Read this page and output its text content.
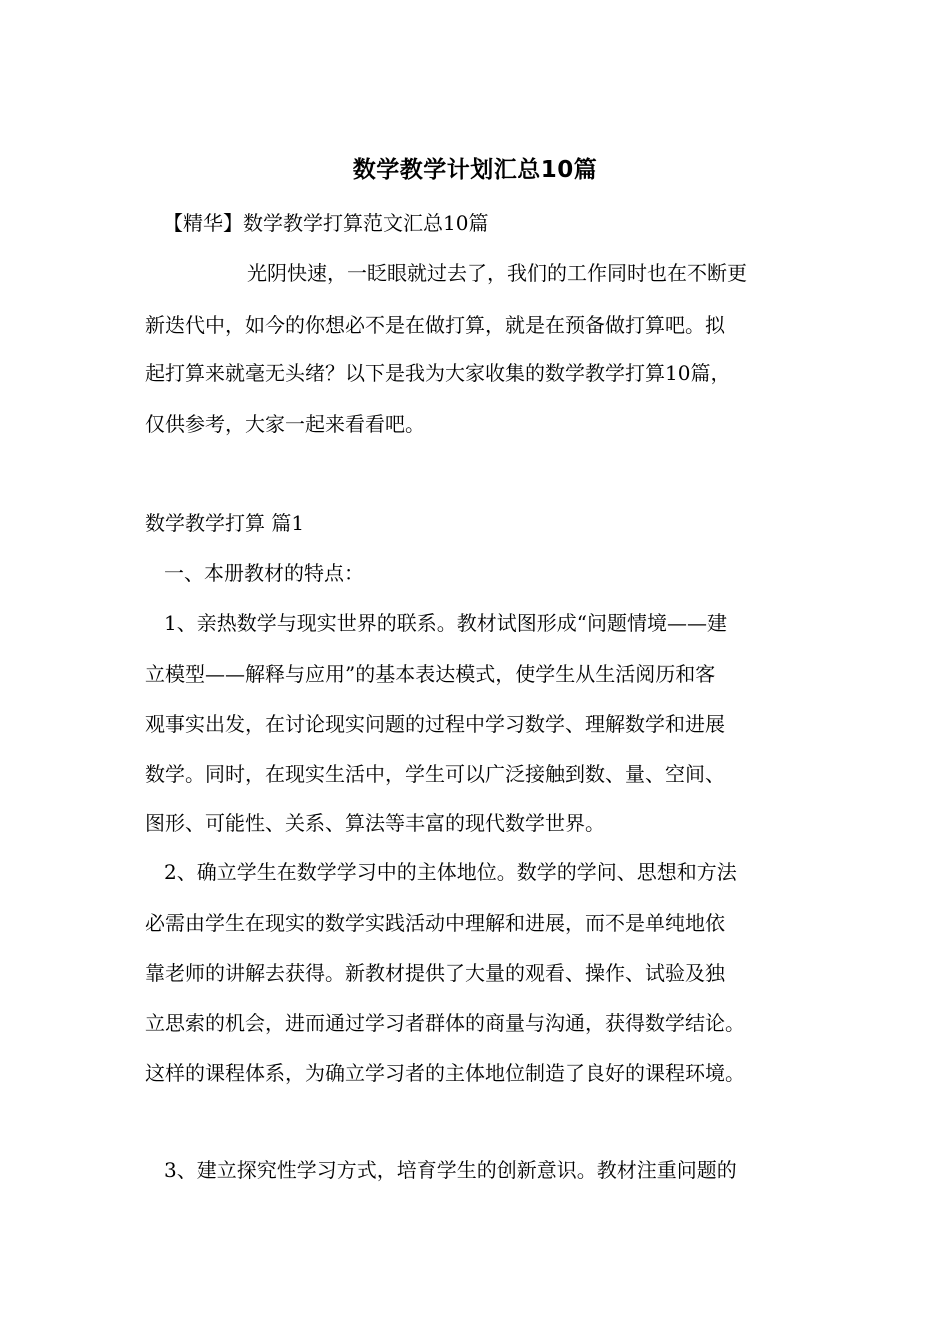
数学教学计划汇总10篇
【精华】数学教学打算范文汇总10篇
光阴快速，一眨眼就过去了，我们的工作同时也在不断更
新迭代中，如今的你想必不是在做打算，就是在预备做打算吧。拟
起打算来就毫无头绪？以下是我为大家收集的数学教学打算10篇，
仅供参考，大家一起来看看吧。
数学教学打算 篇1
一、本册教材的特点：
1、亲热数学与现实世界的联系。教材试图形成“问题情境——建
立模型——解释与应用”的基本表达模式，使学生从生活阅历和客
观事实出发，在讨论现实问题的过程中学习数学、理解数学和进展
数学。同时，在现实生活中，学生可以广泛接触到数、量、空间、
图形、可能性、关系、算法等丰富的现代数学世界。
2、确立学生在数学学习中的主体地位。数学的学问、思想和方法
必需由学生在现实的数学实践活动中理解和进展，而不是单纯地依
靠老师的讲解去获得。新教材提供了大量的观看、操作、试验及独
立思索的机会，进而通过学习者群体的商量与沟通，获得数学结论。
这样的课程体系，为确立学习者的主体地位制造了良好的课程环境。
3、建立探究性学习方式，培育学生的创新意识。教材注重问题的
